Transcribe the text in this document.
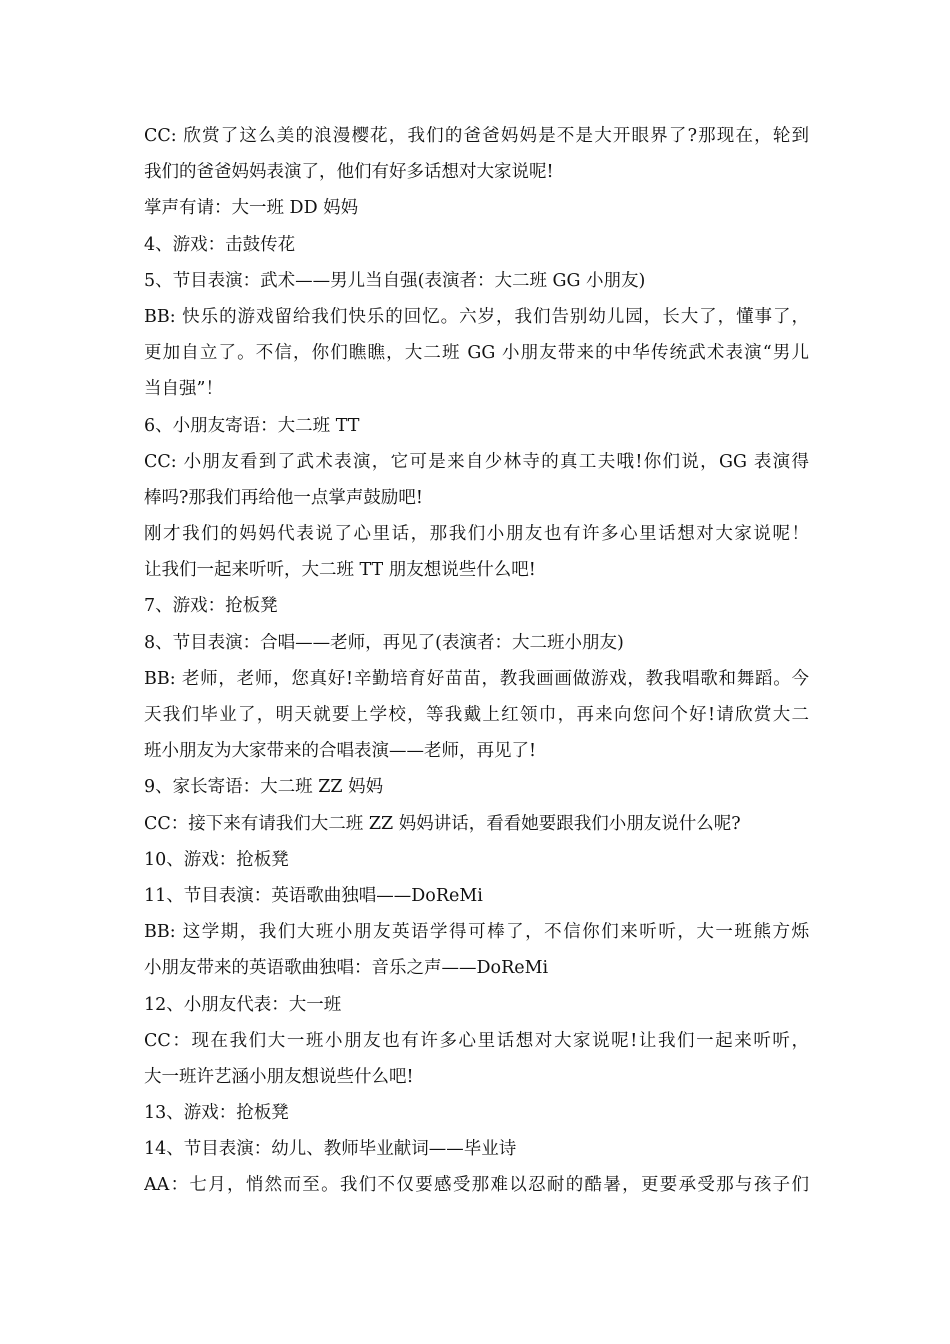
CC: 欣赏了这么美的浪漫樱花，我们的爸爸妈妈是不是大开眼界了?那现在，轮到
我们的爸爸妈妈表演了，他们有好多话想对大家说呢!
掌声有请：大一班 DD 妈妈
4、游戏：击鼓传花
5、节目表演：武术——男儿当自强(表演者：大二班 GG 小朋友)
BB: 快乐的游戏留给我们快乐的回忆。六岁，我们告别幼儿园，长大了，懂事了，
更加自立了。不信，你们瞧瞧，大二班 GG 小朋友带来的中华传统武术表演“男儿
当自强”！
6、小朋友寄语：大二班 TT
CC: 小朋友看到了武术表演，它可是来自少林寺的真工夫哦!你们说，GG 表演得
棒吗?那我们再给他一点掌声鼓励吧!
刚才我们的妈妈代表说了心里话，那我们小朋友也有许多心里话想对大家说呢！
让我们一起来听听，大二班 TT 朋友想说些什么吧!
7、游戏：抢板凳
8、节目表演：合唱——老师，再见了(表演者：大二班小朋友)
BB: 老师，老师，您真好!辛勤培育好苗苗，教我画画做游戏，教我唱歌和舞蹈。今
天我们毕业了，明天就要上学校，等我戴上红领巾，再来向您问个好!请欣赏大二
班小朋友为大家带来的合唱表演——老师，再见了!
9、家长寄语：大二班 ZZ 妈妈
CC：接下来有请我们大二班 ZZ 妈妈讲话，看看她要跟我们小朋友说什么呢?
10、游戏：抢板凳
11、节目表演：英语歌曲独唱——DoReMi
BB: 这学期，我们大班小朋友英语学得可棒了，不信你们来听听，大一班熊方烁
小朋友带来的英语歌曲独唱：音乐之声——DoReMi
12、小朋友代表：大一班
CC：现在我们大一班小朋友也有许多心里话想对大家说呢!让我们一起来听听，
大一班许艺涵小朋友想说些什么吧!
13、游戏：抢板凳
14、节目表演：幼儿、教师毕业献词——毕业诗
AA：七月，悄然而至。我们不仅要感受那难以忍耐的酷暑，更要承受那与孩子们
